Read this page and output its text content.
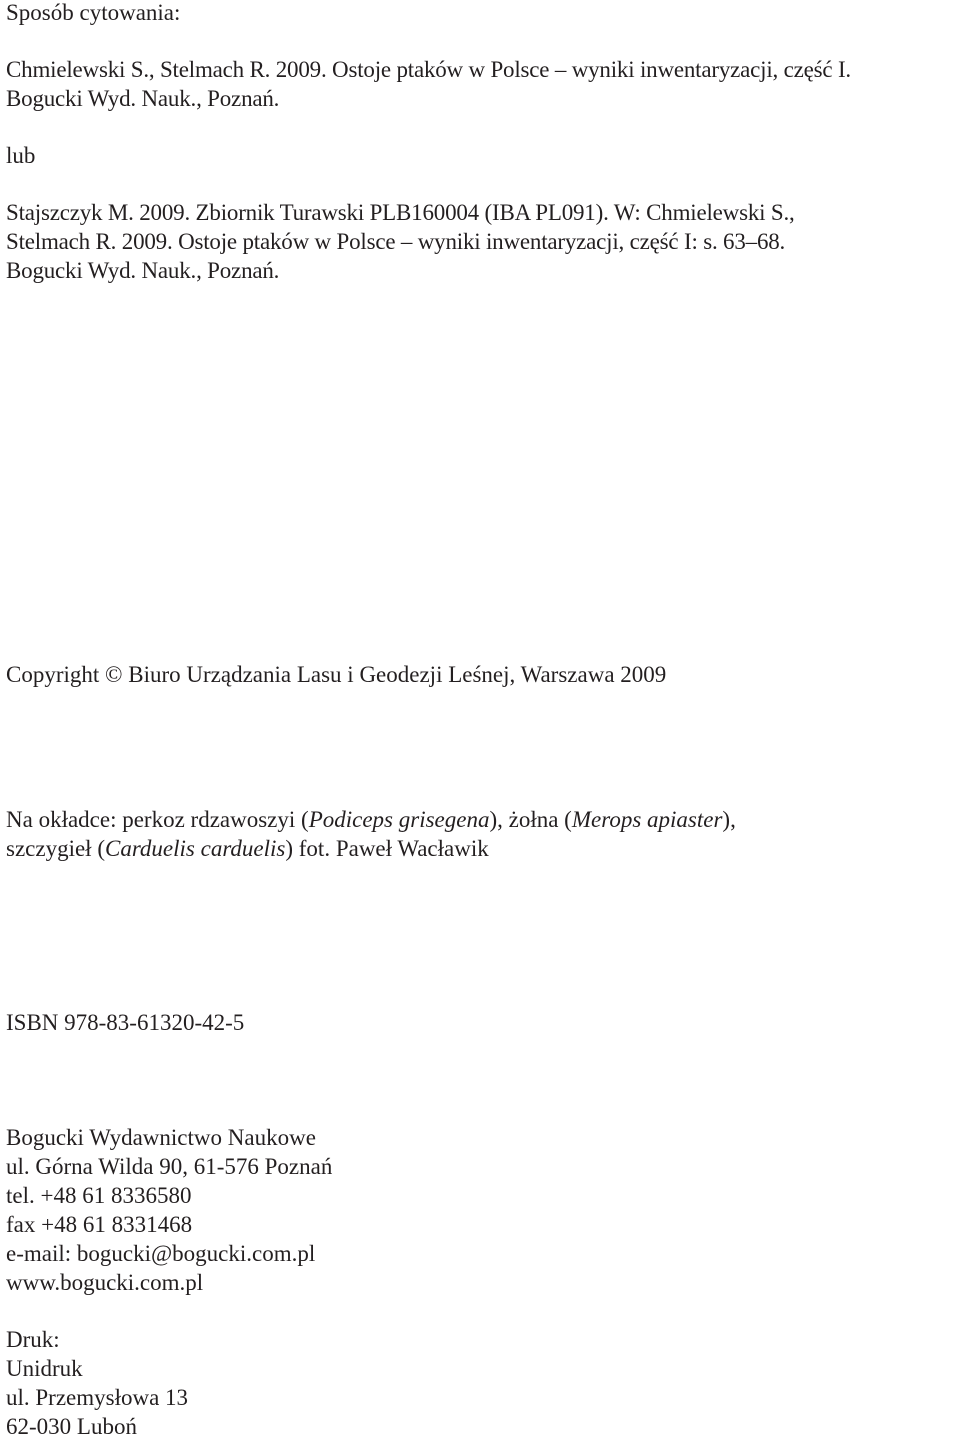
Sposób cytowania:
Chmielewski S., Stelmach R. 2009. Ostoje ptaków w Polsce – wyniki inwentaryzacji, część I.
Bogucki Wyd. Nauk., Poznań.
lub
Stajszczyk M. 2009. Zbiornik Turawski PLB160004 (IBA PL091). W: Chmielewski S.,
Stelmach R. 2009. Ostoje ptaków w Polsce – wyniki inwentaryzacji, część I: s. 63–68.
Bogucki Wyd. Nauk., Poznań.
Copyright © Biuro Urządzania Lasu i Geodezji Leśnej, Warszawa 2009
Na okładce: perkoz rdzawoszyi (Podiceps grisegena), żołna (Merops apiaster),
szczygieł (Carduelis carduelis) fot. Paweł Wacławik
ISBN 978-83-61320-42-5
Bogucki Wydawnictwo Naukowe
ul. Górna Wilda 90, 61-576 Poznań
tel. +48 61 8336580
fax +48 61 8331468
e-mail: bogucki@bogucki.com.pl
www.bogucki.com.pl
Druk:
Unidruk
ul. Przemysłowa 13
62-030 Luboń
